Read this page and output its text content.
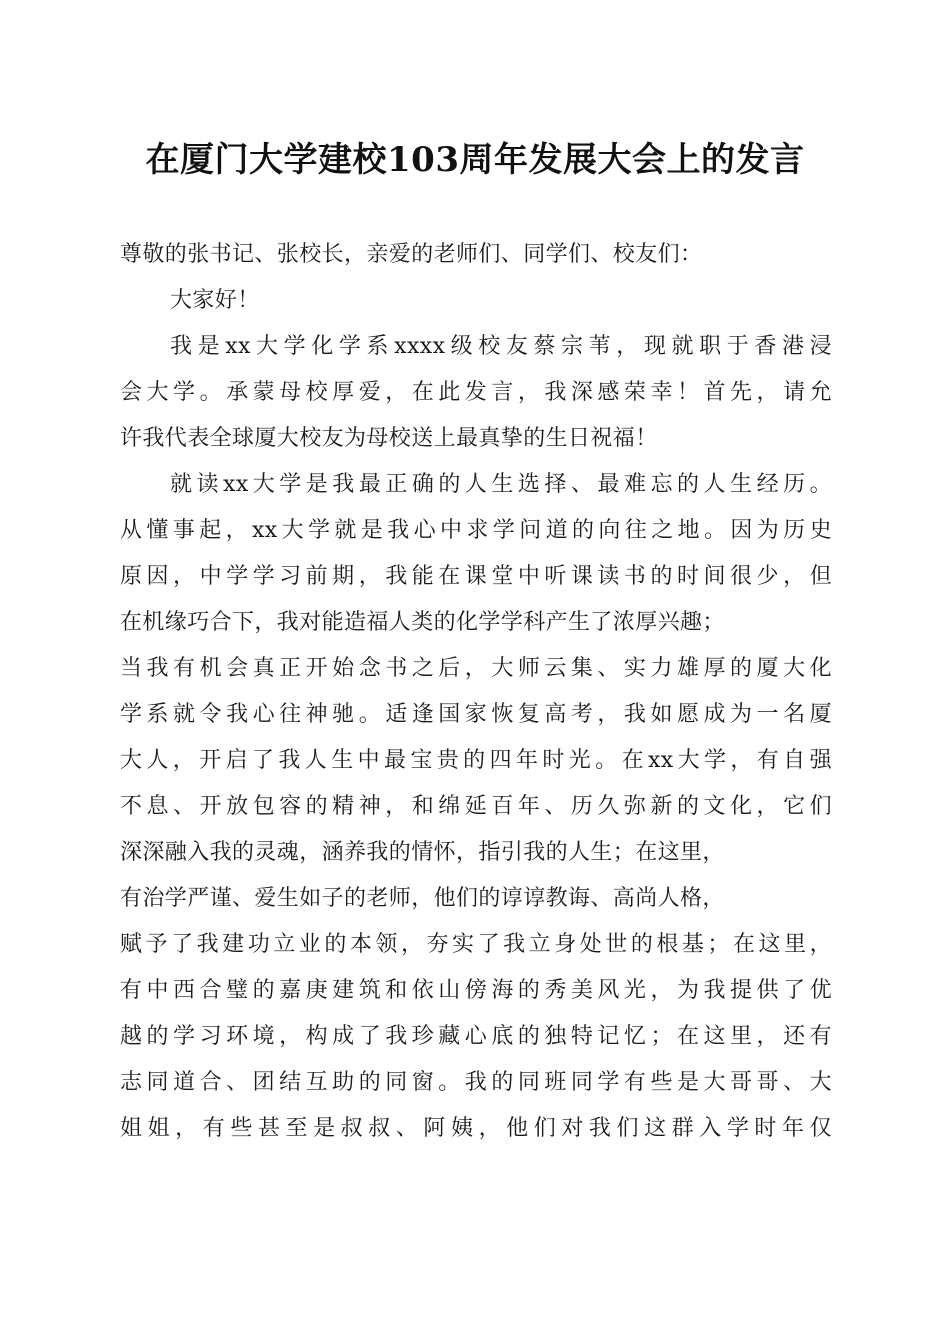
在厦门大学建校103周年发展大会上的发言
尊敬的张书记、张校长，亲爱的老师们、同学们、校友们：
大家好！
我是xx大学化学系xxxx级校友蔡宗苇，现就职于香港浸
会大学。承蒙母校厚爱，在此发言，我深感荣幸！首先，请允
许我代表全球厦大校友为母校送上最真挚的生日祝福！
就读xx大学是我最正确的人生选择、最难忘的人生经历。
从懂事起，xx大学就是我心中求学问道的向往之地。因为历史
原因，中学学习前期，我能在课堂中听课读书的时间很少，但
在机缘巧合下，我对能造福人类的化学学科产生了浓厚兴趣；
当我有机会真正开始念书之后，大师云集、实力雄厚的厦大化
学系就令我心往神驰。适逢国家恢复高考，我如愿成为一名厦
大人，开启了我人生中最宝贵的四年时光。在xx大学，有自强
不息、开放包容的精神，和绵延百年、历久弥新的文化，它们
深深融入我的灵魂，涵养我的情怀，指引我的人生；在这里，
有治学严谨、爱生如子的老师，他们的谆谆教诲、高尚人格，
赋予了我建功立业的本领，夯实了我立身处世的根基；在这里，
有中西合璧的嘉庚建筑和依山傍海的秀美风光，为我提供了优
越的学习环境，构成了我珍藏心底的独特记忆；在这里，还有
志同道合、团结互助的同窗。我的同班同学有些是大哥哥、大
姐姐，有些甚至是叔叔、阿姨，他们对我们这群入学时年仅
